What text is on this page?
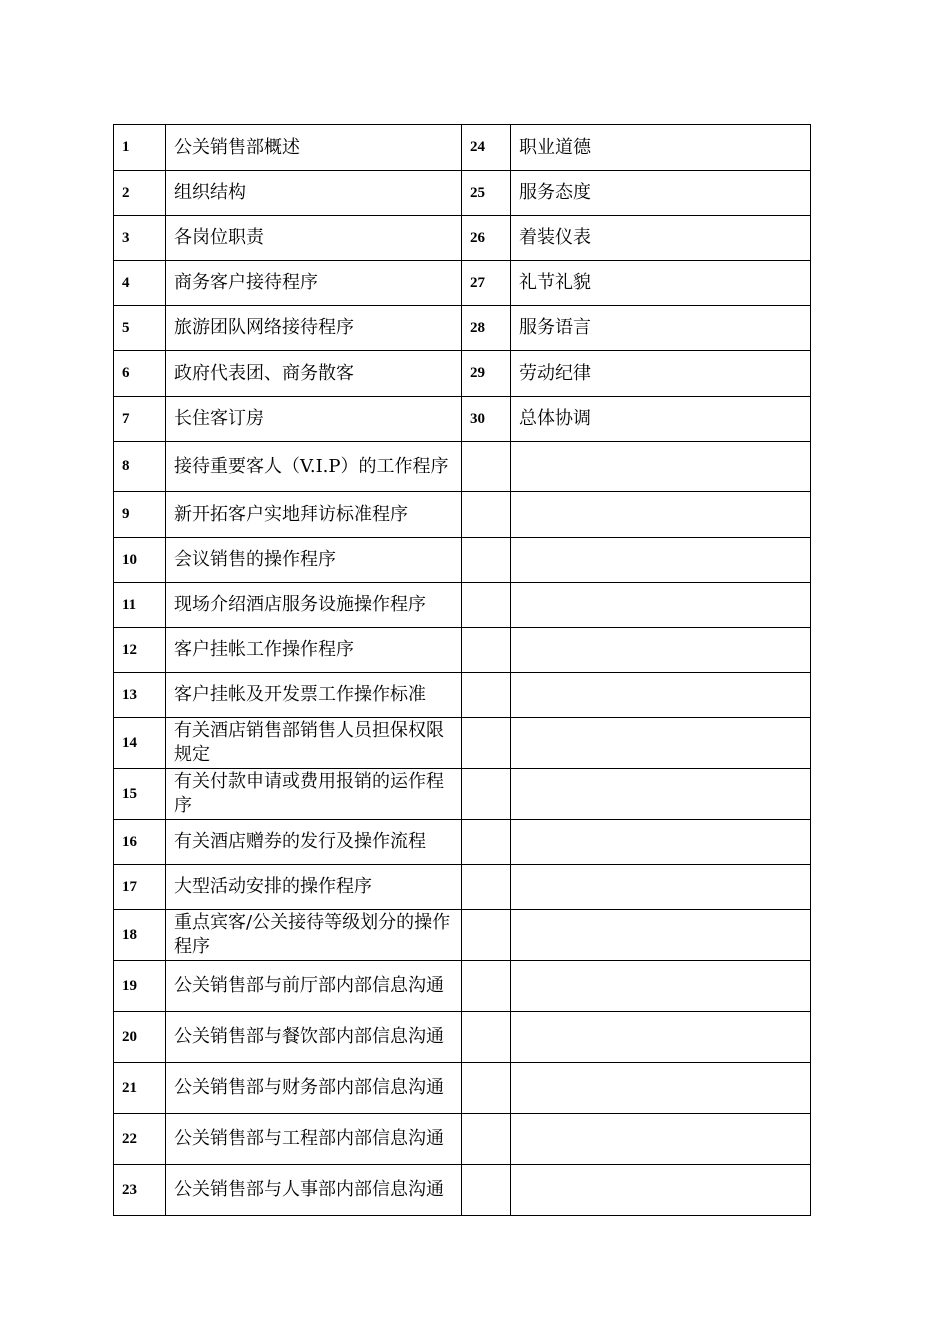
1	公关销售部概述	24	职业道德
2	组织结构	25	服务态度
3	各岗位职责	26	着装仪表
4	商务客户接待程序	27	礼节礼貌
5	旅游团队网络接待程序	28	服务语言
6	政府代表团、商务散客	29	劳动纪律
7	长住客订房	30	总体协调
8	接待重要客人（V.I.P）的工作程序		
9	新开拓客户实地拜访标准程序		
10	会议销售的操作程序		
11	现场介绍酒店服务设施操作程序		
12	客户挂帐工作操作程序		
13	客户挂帐及开发票工作操作标准		
14	有关酒店销售部销售人员担保权限规定		
15	有关付款申请或费用报销的运作程序		
16	有关酒店赠券的发行及操作流程		
17	大型活动安排的操作程序		
18	重点宾客/公关接待等级划分的操作程序		
19	公关销售部与前厅部内部信息沟通		
20	公关销售部与餐饮部内部信息沟通		
21	公关销售部与财务部内部信息沟通		
22	公关销售部与工程部内部信息沟通		
23	公关销售部与人事部内部信息沟通		
